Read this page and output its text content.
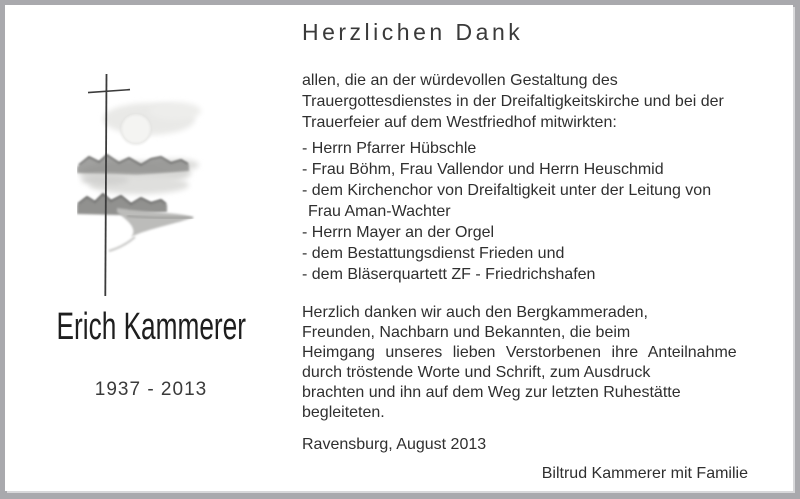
Erich Kammerer
1937 - 2013
Herzlichen Dank
allen, die an der würdevollen Gestaltung des
Trauergottesdienstes in der Dreifaltigkeitskirche und bei der
Trauerfeier auf dem Westfriedhof mitwirkten:
- Herrn Pfarrer Hübschle
- Frau Böhm, Frau Vallendor und Herrn Heuschmid
- dem Kirchenchor von Dreifaltigkeit unter der Leitung von
Frau Aman-Wachter
- Herrn Mayer an der Orgel
- dem Bestattungsdienst Frieden und
- dem Bläserquartett ZF - Friedrichshafen
Herzlich danken wir auch den Bergkammeraden,
Freunden, Nachbarn und Bekannten, die beim
Heimgang unseres lieben Verstorbenen ihre Anteilnahme
durch tröstende Worte und Schrift, zum Ausdruck
brachten und ihn auf dem Weg zur letzten Ruhestätte
begleiteten.
Ravensburg, August 2013
Biltrud Kammerer mit Familie
